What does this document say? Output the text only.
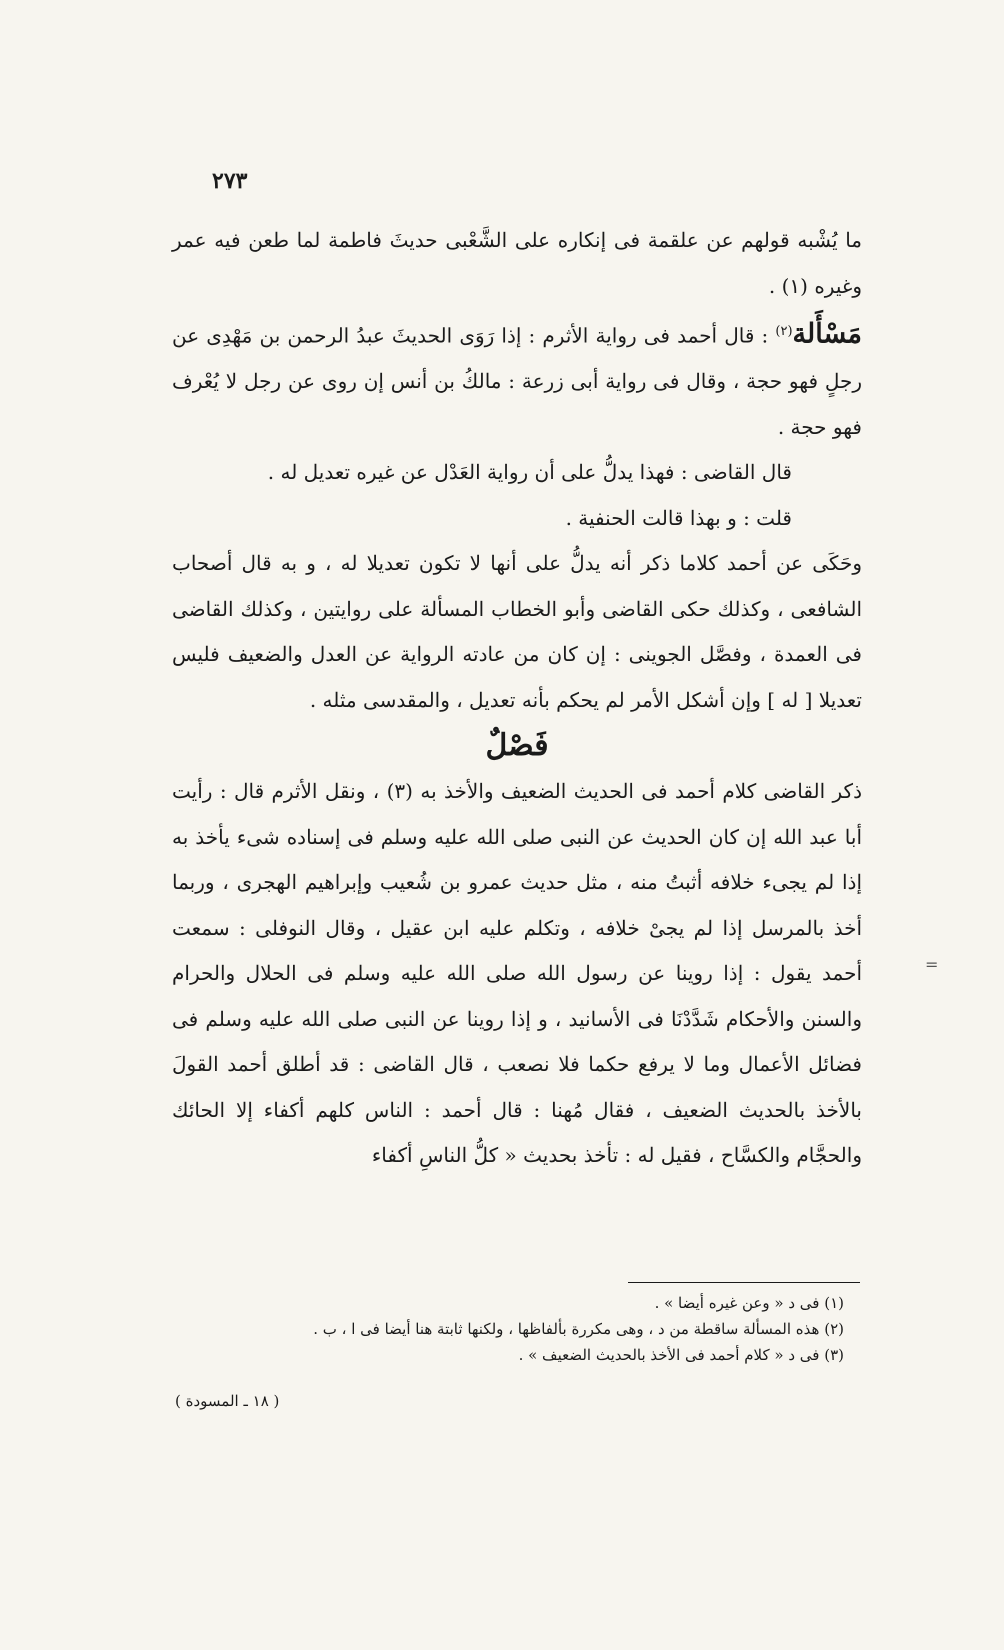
٢٧٣

ما يُشْبه قولهم عن علقمة فى إنكاره على الشَّعْبى حديثَ فاطمة لما طعن فيه عمر وغيره (١) .

مَسْأَلة$^{(٢)}$ : قال أحمد فى رواية الأثرم : إذا رَوَى الحديثَ عبدُ الرحمن بن مَهْدِى عن رجلٍ فهو حجة ، وقال فى رواية أبى زرعة : مالكُ بن أنس إن روى عن رجل لا يُعْرف فهو حجة .

قال القاضى : فهذا يدلُّ على أن رواية العَدْل عن غيره تعديل له .

قلت : و بهذا قالت الحنفية .

وحَكَى عن أحمد كلاما ذكر أنه يدلُّ على أنها لا تكون تعديلا له ، و به قال أصحاب الشافعى ، وكذلك حكى القاضى وأبو الخطاب المسألة على روايتين ، وكذلك القاضى فى العمدة ، وفصَّل الجوينى : إن كان من عادته الرواية عن العدل والضعيف فليس تعديلا [ له ] وإن أشكل الأمر لم يحكم بأنه تعديل ، والمقدسى مثله .

فَصْلٌ

ذكر القاضى كلام أحمد فى الحديث الضعيف والأخذ به (٣) ، ونقل الأثرم قال : رأيت أبا عبد الله إن كان الحديث عن النبى صلى الله عليه وسلم فى إسناده شىء يأخذ به إذا لم يجىء خلافه أثبتُ منه ، مثل حديث عمرو بن شُعيب وإبراهيم الهجرى ، وربما أخذ بالمرسل إذا لم يجىْ خلافه ، وتكلم عليه ابن عقيل ، وقال النوفلى : سمعت أحمد يقول : إذا روينا عن رسول الله صلى الله عليه وسلم فى الحلال والحرام والسنن والأحكام شَدَّدْنَا فى الأسانيد ، و إذا روينا عن النبى صلى الله عليه وسلم فى فضائل الأعمال وما لا يرفع حكما فلا نصعب ، قال القاضى : قد أطلق أحمد القولَ بالأخذ بالحديث الضعيف ، فقال مُهنا : قال أحمد : الناس كلهم أكفاء إلا الحائك والحجَّام والكسَّاح ، فقيل له : تأخذ بحديث « كلُّ الناسِ أكفاء

=

(١) فى د « وعن غيره أيضا » .

(٢) هذه المسألة ساقطة من د ، وهى مكررة بألفاظها ، ولكنها ثابتة هنا أيضا فى ا ، ب .

(٣) فى د « كلام أحمد فى الأخذ بالحديث الضعيف » .

( ١٨ ـ المسودة )
